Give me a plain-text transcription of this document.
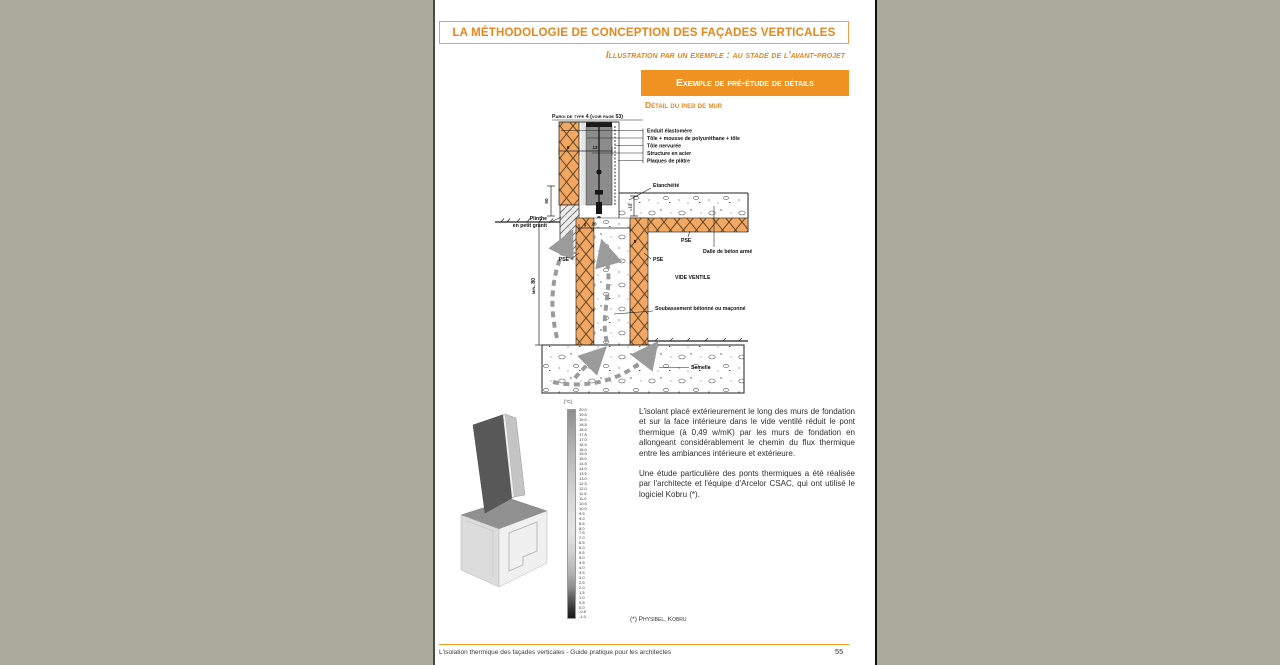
LA MÉTHODOLOGIE DE CONCEPTION DES FAÇADES VERTICALES
Illustration par un exemple : au stade de l'avant-projet
Exemple de pré-étude de détails
Détail du pied de mur
6	13
50
12
20
5
5
min. 80
Paroi de type 4 (voir page 53)
Enduit élastomère
Tôle + mousse de polyuréthane + tôle
Tôle nervurée
Structure en acier
Plaques de plâtre
Etanchéité
Plinthe
en petit granit
PSE	PSE
PSE
Dalle de béton armé
VIDE VENTILE
Soubassement bétonné ou maçonné
Semelle
[°C]
20.0
19.5
19.0
18.5
18.0
17.5
17.0
16.5
16.0
15.5
15.0
14.5
14.0
13.5
13.0
12.5
12.0
11.5
11.0
10.5
10.0
9.5
9.0
8.5
8.0
7.5
7.0
6.5
6.0
5.5
5.0
4.5
4.0
3.5
3.0
2.5
2.0
1.5
1.0
0.5
0.0
-0.5
-1.0

L'isolant placé extérieurement le long des murs de fondation et sur la face intérieure dans le vide ventilé réduit le pont thermique (à 0,49 w/mK) par les murs de fondation en allongeant considérablement le chemin du flux thermique entre les ambiances intérieure et extérieure.

Une étude particulière des ponts thermiques a été réalisée par l'architecte et l'équipe d'Arcelor CSAC, qui ont utilisé le logiciel Kobru (*).

(*) Physibel, Kobru
L'isolation thermique des façades verticales - Guide pratique pour les architectes	55
